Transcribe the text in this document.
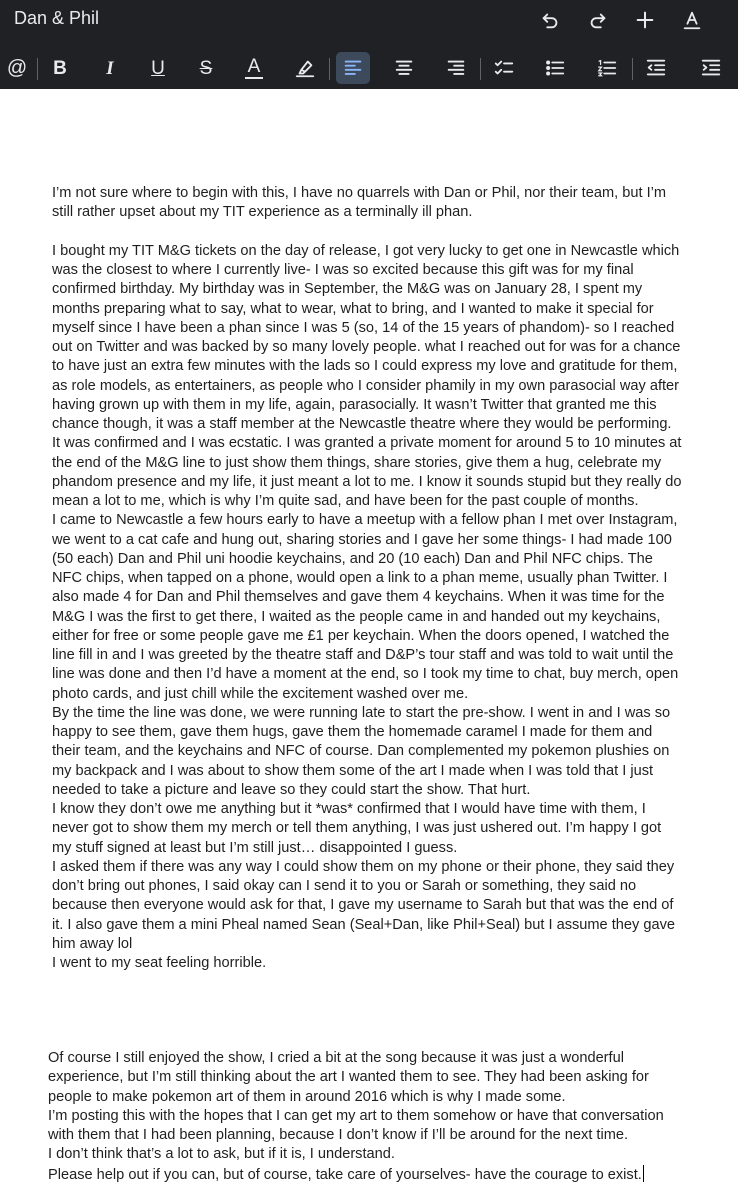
Dan & Phil
@ B I U S A
I’m not sure where to begin with this, I have no quarrels with Dan or Phil, nor their team, but I’m still rather upset about my TIT experience as a terminally ill phan.

I bought my TIT M&G tickets on the day of release, I got very lucky to get one in Newcastle which was the closest to where I currently live- I was so excited because this gift was for my final confirmed birthday. My birthday was in September, the M&G was on January 28, I spent my months preparing what to say, what to wear, what to bring, and I wanted to make it special for myself since I have been a phan since I was 5 (so, 14 of the 15 years of phandom)- so I reached out on Twitter and was backed by so many lovely people. what I reached out for was for a chance to have just an extra few minutes with the lads so I could express my love and gratitude for them, as role models, as entertainers, as people who I consider phamily in my own parasocial way after having grown up with them in my life, again, parasocially. It wasn’t Twitter that granted me this chance though, it was a staff member at the Newcastle theatre where they would be performing.
It was confirmed and I was ecstatic. I was granted a private moment for around 5 to 10 minutes at the end of the M&G line to just show them things, share stories, give them a hug, celebrate my phandom presence and my life, it just meant a lot to me. I know it sounds stupid but they really do mean a lot to me, which is why I’m quite sad, and have been for the past couple of months.
I came to Newcastle a few hours early to have a meetup with a fellow phan I met over Instagram, we went to a cat cafe and hung out, sharing stories and I gave her some things- I had made 100 (50 each) Dan and Phil uni hoodie keychains, and 20 (10 each) Dan and Phil NFC chips. The NFC chips, when tapped on a phone, would open a link to a phan meme, usually phan Twitter. I also made 4 for Dan and Phil themselves and gave them 4 keychains. When it was time for the M&G I was the first to get there, I waited as the people came in and handed out my keychains, either for free or some people gave me £1 per keychain. When the doors opened, I watched the line fill in and I was greeted by the theatre staff and D&P’s tour staff and was told to wait until the line was done and then I’d have a moment at the end, so I took my time to chat, buy merch, open photo cards, and just chill while the excitement washed over me.
By the time the line was done, we were running late to start the pre-show. I went in and I was so happy to see them, gave them hugs, gave them the homemade caramel I made for them and their team, and the keychains and NFC of course. Dan complemented my pokemon plushies on my backpack and I was about to show them some of the art I made when I was told that I just needed to take a picture and leave so they could start the show. That hurt.
I know they don’t owe me anything but it *was* confirmed that I would have time with them, I never got to show them my merch or tell them anything, I was just ushered out. I’m happy I got my stuff signed at least but I’m still just… disappointed I guess.
I asked them if there was any way I could show them on my phone or their phone, they said they don’t bring out phones, I said okay can I send it to you or Sarah or something, they said no because then everyone would ask for that, I gave my username to Sarah but that was the end of it. I also gave them a mini Pheal named Sean (Seal+Dan, like Phil+Seal) but I assume they gave him away lol
I went to my seat feeling horrible.
Of course I still enjoyed the show, I cried a bit at the song because it was just a wonderful experience, but I’m still thinking about the art I wanted them to see. They had been asking for people to make pokemon art of them in around 2016 which is why I made some.
I’m posting this with the hopes that I can get my art to them somehow or have that conversation with them that I had been planning, because I don’t know if I’ll be around for the next time.
I don’t think that’s a lot to ask, but if it is, I understand.
Please help out if you can, but of course, take care of yourselves- have the courage to exist.
